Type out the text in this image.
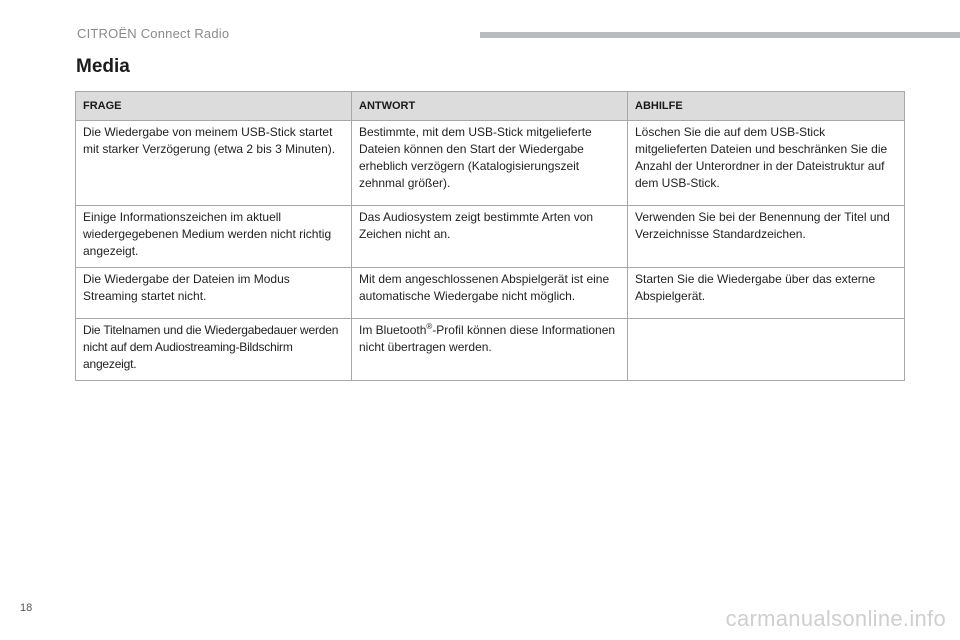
CITROËN Connect Radio
Media
FRAGE	ANTWORT	ABHILFE
Die Wiedergabe von meinem USB-Stick startet mit starker Verzögerung (etwa 2 bis 3 Minuten).	Bestimmte, mit dem USB-Stick mitgelieferte Dateien können den Start der Wiedergabe erheblich verzögern (Katalogisierungszeit zehnmal größer).	Löschen Sie die auf dem USB-Stick mitgelieferten Dateien und beschränken Sie die Anzahl der Unterordner in der Dateistruktur auf dem USB-Stick.
Einige Informationszeichen im aktuell wiedergegebenen Medium werden nicht richtig angezeigt.	Das Audiosystem zeigt bestimmte Arten von Zeichen nicht an.	Verwenden Sie bei der Benennung der Titel und Verzeichnisse Standardzeichen.
Die Wiedergabe der Dateien im Modus Streaming startet nicht.	Mit dem angeschlossenen Abspielgerät ist eine automatische Wiedergabe nicht möglich.	Starten Sie die Wiedergabe über das externe Abspielgerät.
Die Titelnamen und die Wiedergabedauer werden nicht auf dem Audiostreaming-Bildschirm angezeigt.	Im Bluetooth®-Profil können diese Informationen nicht übertragen werden.	
18	carmanualsonline.info
